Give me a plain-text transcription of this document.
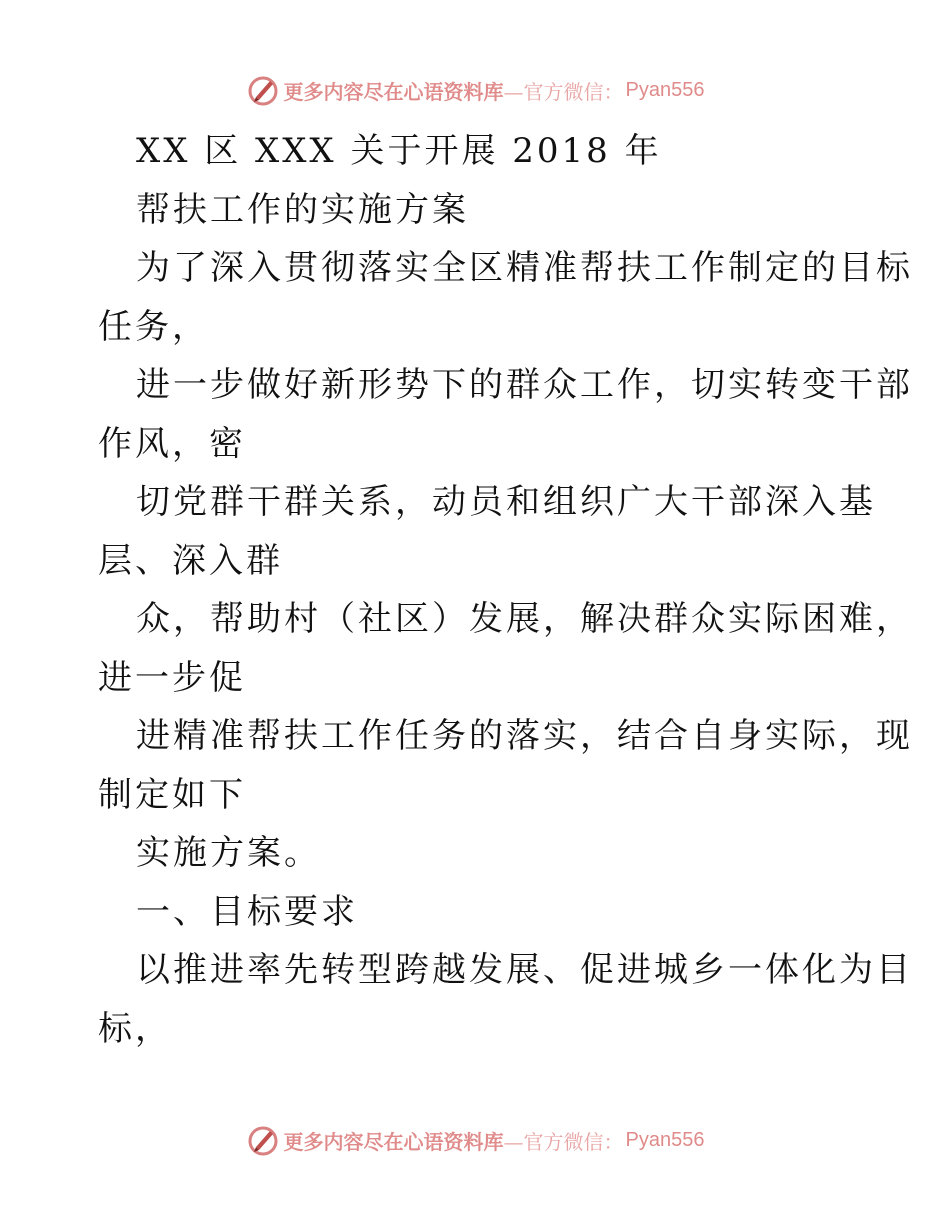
更多内容尽在心语资料库 —官方微信： Pyan556
XX 区 XXX 关于开展 2018 年
帮扶工作的实施方案
为了深入贯彻落实全区精准帮扶工作制定的目标
任务，
进一步做好新形势下的群众工作，切实转变干部
作风，密
切党群干群关系，动员和组织广大干部深入基
层、深入群
众，帮助村（社区）发展，解决群众实际困难，
进一步促
进精准帮扶工作任务的落实，结合自身实际，现
制定如下
实施方案。
一、目标要求
以推进率先转型跨越发展、促进城乡一体化为目
标，
更多内容尽在心语资料库 —官方微信： Pyan556
